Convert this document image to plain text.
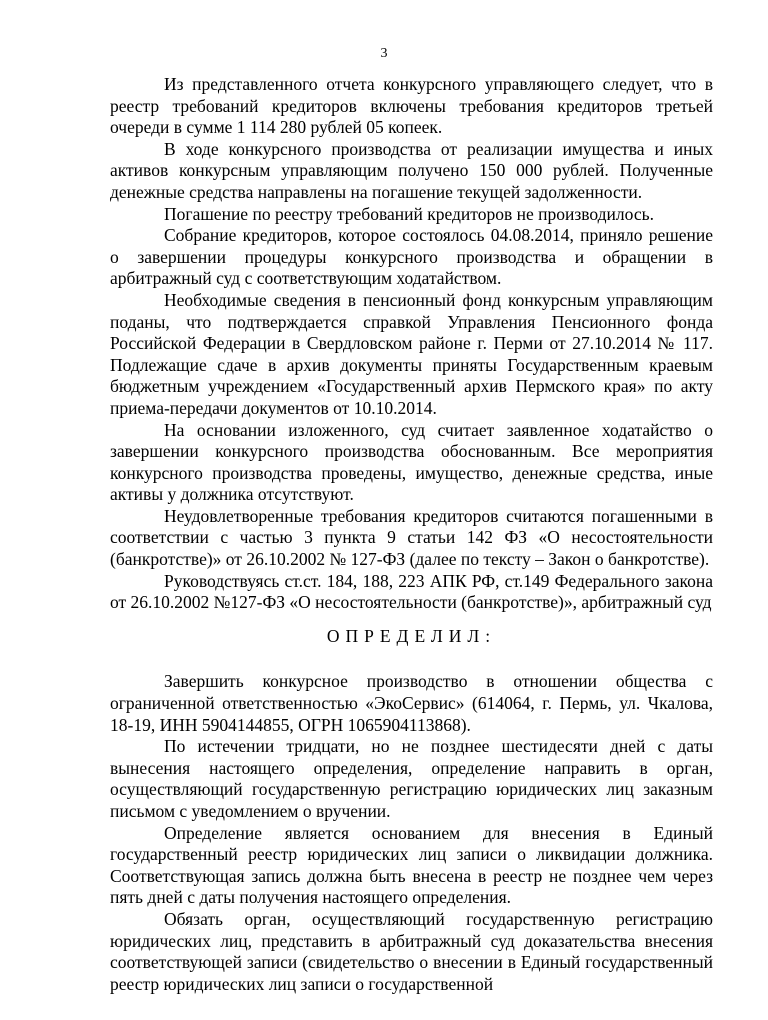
3

Из представленного отчета конкурсного управляющего следует, что в реестр требований кредиторов включены требования кредиторов третьей очереди в сумме 1 114 280 рублей 05 копеек.

В ходе конкурсного производства от реализации имущества и иных активов конкурсным управляющим получено 150 000 рублей. Полученные денежные средства направлены на погашение текущей задолженности.

Погашение по реестру требований кредиторов не производилось.

Собрание кредиторов, которое состоялось 04.08.2014, приняло решение о завершении процедуры конкурсного производства и обращении в арбитражный суд с соответствующим ходатайством.

Необходимые сведения в пенсионный фонд конкурсным управляющим поданы, что подтверждается справкой Управления Пенсионного фонда Российской Федерации в Свердловском районе г. Перми от 27.10.2014 № 117. Подлежащие сдаче в архив документы приняты Государственным краевым бюджетным учреждением «Государственный архив Пермского края» по акту приема-передачи документов от 10.10.2014.

На основании изложенного, суд считает заявленное ходатайство о завершении конкурсного производства обоснованным. Все мероприятия конкурсного производства проведены, имущество, денежные средства, иные активы у должника отсутствуют.

Неудовлетворенные требования кредиторов считаются погашенными в соответствии с частью 3 пункта 9 статьи 142 ФЗ «О несостоятельности (банкротстве)» от 26.10.2002 № 127-ФЗ (далее по тексту – Закон о банкротстве).

Руководствуясь ст.ст. 184, 188, 223 АПК РФ, ст.149 Федерального закона от 26.10.2002 №127-ФЗ «О несостоятельности (банкротстве)», арбитражный суд

ОПРЕДЕЛИЛ:

Завершить конкурсное производство в отношении общества с ограниченной ответственностью «ЭкоСервис» (614064, г. Пермь, ул. Чкалова, 18-19, ИНН 5904144855, ОГРН 1065904113868).

По истечении тридцати, но не позднее шестидесяти дней с даты вынесения настоящего определения, определение направить в орган, осуществляющий государственную регистрацию юридических лиц заказным письмом с уведомлением о вручении.

Определение является основанием для внесения в Единый государственный реестр юридических лиц записи о ликвидации должника. Соответствующая запись должна быть внесена в реестр не позднее чем через пять дней с даты получения настоящего определения.

Обязать орган, осуществляющий государственную регистрацию юридических лиц, представить в арбитражный суд доказательства внесения соответствующей записи (свидетельство о внесении в Единый государственный реестр юридических лиц записи о государственной
